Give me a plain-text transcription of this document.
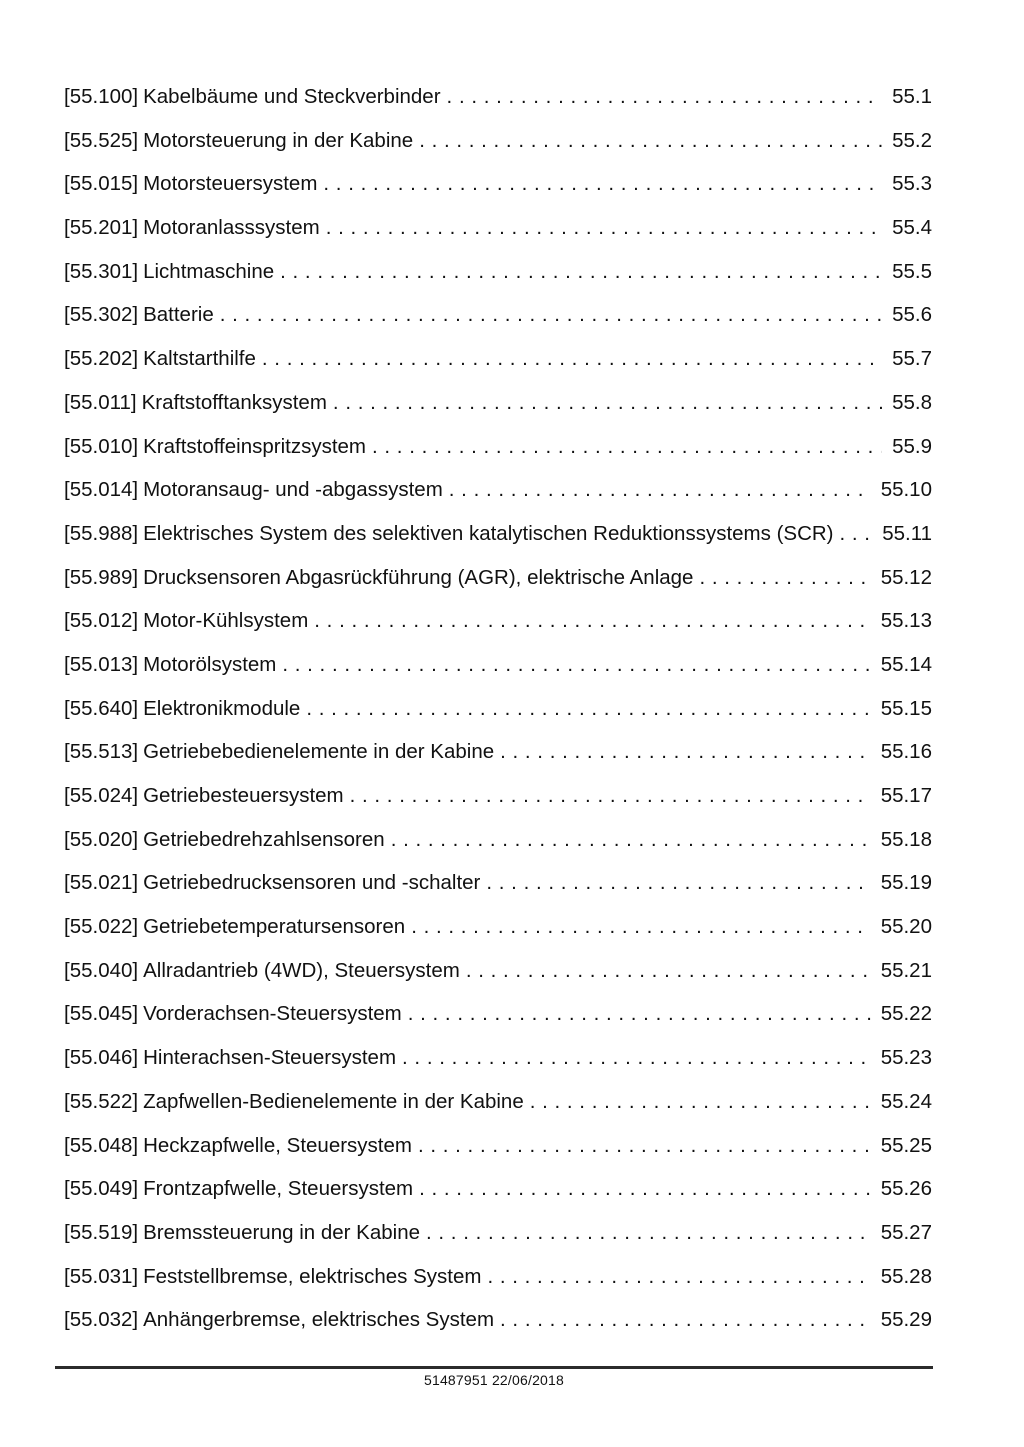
[55.100] Kabelbäume und Steckverbinder . . .	55.1
[55.525] Motorsteuerung in der Kabine . . .	55.2
[55.015] Motorsteuersystem . . .	55.3
[55.201] Motoranlasssystem . . .	55.4
[55.301] Lichtmaschine . . .	55.5
[55.302] Batterie . . .	55.6
[55.202] Kaltstarthilfe . . .	55.7
[55.011] Kraftstofftanksystem . . .	55.8
[55.010] Kraftstoffeinspritzsystem . . .	55.9
[55.014] Motoransaug- und -abgassystem . . .	55.10
[55.988] Elektrisches System des selektiven katalytischen Reduktionssystems (SCR) . . . 55.11
[55.989] Drucksensoren Abgasrückführung (AGR), elektrische Anlage . . .	55.12
[55.012] Motor-Kühlsystem . . .	55.13
[55.013] Motorölsystem . . .	55.14
[55.640] Elektronikmodule . . .	55.15
[55.513] Getriebebedienelemente in der Kabine . . .	55.16
[55.024] Getriebesteuersystem . . .	55.17
[55.020] Getriebedrehzahlsensoren . . .	55.18
[55.021] Getriebedrucksensoren und -schalter . . .	55.19
[55.022] Getriebetemperatursensoren . . .	55.20
[55.040] Allradantrieb (4WD), Steuersystem . . .	55.21
[55.045] Vorderachsen-Steuersystem . . .	55.22
[55.046] Hinterachsen-Steuersystem . . .	55.23
[55.522] Zapfwellen-Bedienelemente in der Kabine . . .	55.24
[55.048] Heckzapfwelle, Steuersystem . . .	55.25
[55.049] Frontzapfwelle, Steuersystem . . .	55.26
[55.519] Bremssteuerung in der Kabine . . .	55.27
[55.031] Feststellbremse, elektrisches System . . .	55.28
[55.032] Anhängerbremse, elektrisches System . . .	55.29
51487951 22/06/2018
